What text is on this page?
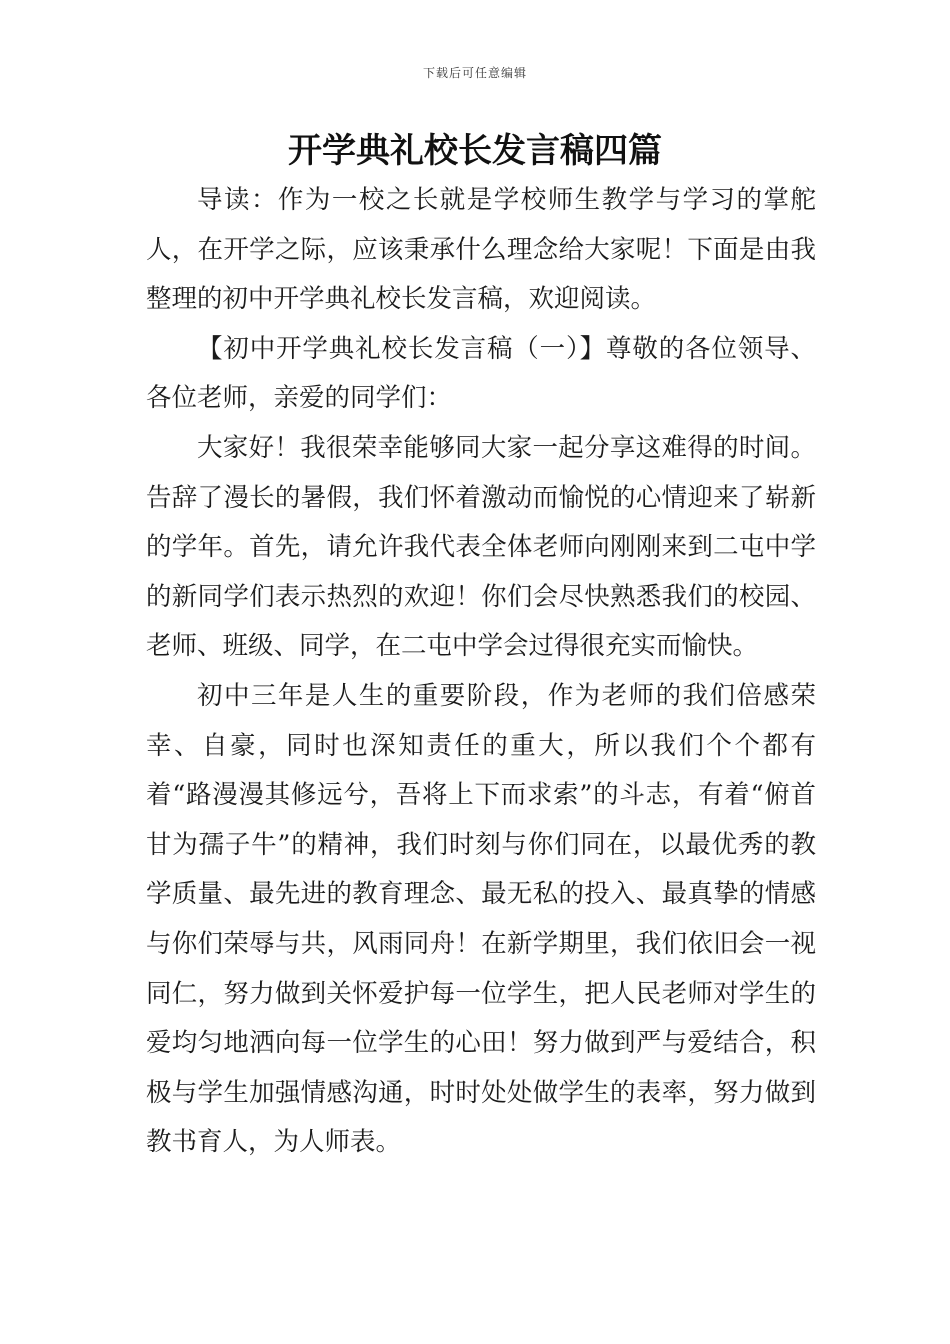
下载后可任意编辑
开学典礼校长发言稿四篇

导读：作为一校之长就是学校师生教学与学习的掌舵人，在开学之际，应该秉承什么理念给大家呢！下面是由我整理的初中开学典礼校长发言稿，欢迎阅读。

【初中开学典礼校长发言稿（一）】尊敬的各位领导、各位老师，亲爱的同学们：

大家好！我很荣幸能够同大家一起分享这难得的时间。告辞了漫长的暑假，我们怀着激动而愉悦的心情迎来了崭新的学年。首先，请允许我代表全体老师向刚刚来到二屯中学的新同学们表示热烈的欢迎！你们会尽快熟悉我们的校园、老师、班级、同学，在二屯中学会过得很充实而愉快。

初中三年是人生的重要阶段，作为老师的我们倍感荣幸、自豪，同时也深知责任的重大，所以我们个个都有着“路漫漫其修远兮，吾将上下而求索”的斗志，有着“俯首甘为孺子牛”的精神，我们时刻与你们同在，以最优秀的教学质量、最先进的教育理念、最无私的投入、最真挚的情感与你们荣辱与共，风雨同舟！在新学期里，我们依旧会一视同仁，努力做到关怀爱护每一位学生，把人民老师对学生的爱均匀地洒向每一位学生的心田！努力做到严与爱结合，积极与学生加强情感沟通，时时处处做学生的表率，努力做到教书育人，为人师表。
